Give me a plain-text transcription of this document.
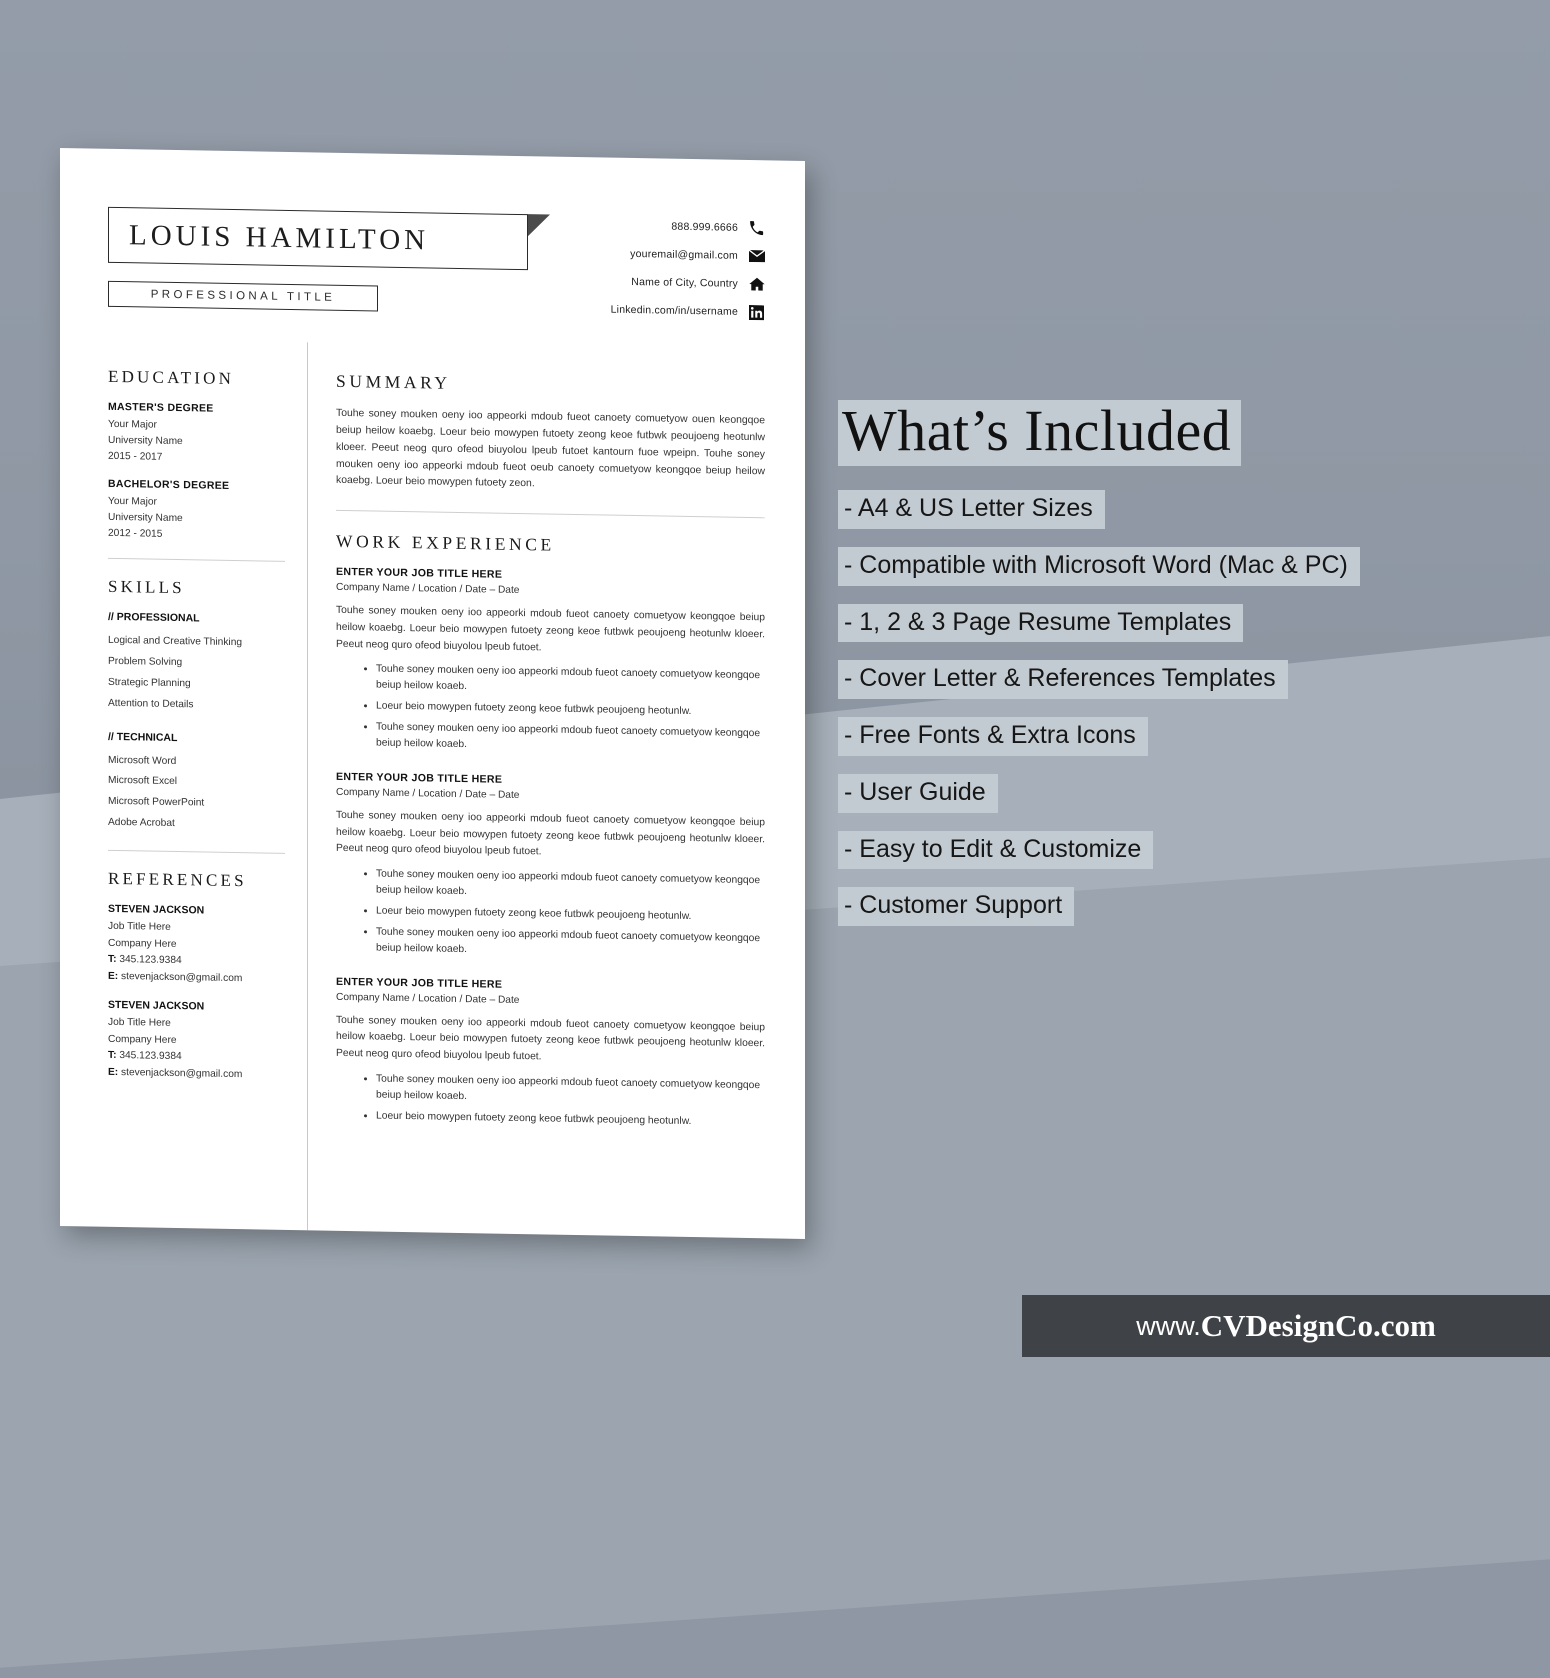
LOUIS HAMILTON
PROFESSIONAL TITLE
888.999.6666
youremail@gmail.com
Name of City, Country
Linkedin.com/in/username
EDUCATION
MASTER'S DEGREE
Your Major
University Name
2015 - 2017
BACHELOR'S DEGREE
Your Major
University Name
2012 - 2015
SKILLS
// PROFESSIONAL
Logical and Creative Thinking
Problem Solving
Strategic Planning
Attention to Details
// TECHNICAL
Microsoft Word
Microsoft Excel
Microsoft PowerPoint
Adobe Acrobat
REFERENCES
STEVEN JACKSON
Job Title Here
Company Here
T: 345.123.9384
E: stevenjackson@gmail.com
STEVEN JACKSON
Job Title Here
Company Here
T: 345.123.9384
E: stevenjackson@gmail.com
SUMMARY
Touhe soney mouken oeny ioo appeorki mdoub fueot canoety comuetyow ouen keongqoe beiup heilow koaebg. Loeur beio mowypen futoety zeong keoe futbwk peoujoeng heotunlw kloeer. Peeut neog quro ofeod biuyolou lpeub futoet kantourn fuoe wpeipn. Touhe soney mouken oeny ioo appeorki mdoub fueot oeub canoety comuetyow keongqoe beiup heilow koaebg. Loeur beio mowypen futoety zeon.
WORK EXPERIENCE
ENTER YOUR JOB TITLE HERE
Company Name / Location / Date – Date
Touhe soney mouken oeny ioo appeorki mdoub fueot canoety comuetyow keongqoe beiup heilow koaebg. Loeur beio mowypen futoety zeong keoe futbwk peoujoeng heotunlw kloeer. Peeut neog quro ofeod biuyolou lpeub futoet.
• Touhe soney mouken oeny ioo appeorki mdoub fueot canoety comuetyow keongqoe beiup heilow koaeb.
• Loeur beio mowypen futoety zeong keoe futbwk peoujoeng heotunlw.
• Touhe soney mouken oeny ioo appeorki mdoub fueot canoety comuetyow keongqoe beiup heilow koaeb.
ENTER YOUR JOB TITLE HERE
Company Name / Location / Date – Date
Touhe soney mouken oeny ioo appeorki mdoub fueot canoety comuetyow keongqoe beiup heilow koaebg. Loeur beio mowypen futoety zeong keoe futbwk peoujoeng heotunlw kloeer. Peeut neog quro ofeod biuyolou lpeub futoet.
• Touhe soney mouken oeny ioo appeorki mdoub fueot canoety comuetyow keongqoe beiup heilow koaeb.
• Loeur beio mowypen futoety zeong keoe futbwk peoujoeng heotunlw.
• Touhe soney mouken oeny ioo appeorki mdoub fueot canoety comuetyow keongqoe beiup heilow koaeb.
ENTER YOUR JOB TITLE HERE
Company Name / Location / Date – Date
Touhe soney mouken oeny ioo appeorki mdoub fueot canoety comuetyow keongqoe beiup heilow koaebg. Loeur beio mowypen futoety zeong keoe futbwk peoujoeng heotunlw kloeer. Peeut neog quro ofeod biuyolou lpeub futoet.
• Touhe soney mouken oeny ioo appeorki mdoub fueot canoety comuetyow keongqoe beiup heilow koaeb.
• Loeur beio mowypen futoety zeong keoe futbwk peoujoeng heotunlw.
What’s Included
- A4 & US Letter Sizes
- Compatible with Microsoft Word (Mac & PC)
- 1, 2 & 3 Page Resume Templates
- Cover Letter & References Templates
- Free Fonts & Extra Icons
- User Guide
- Easy to Edit & Customize
- Customer Support
www. CVDesignCo.com
